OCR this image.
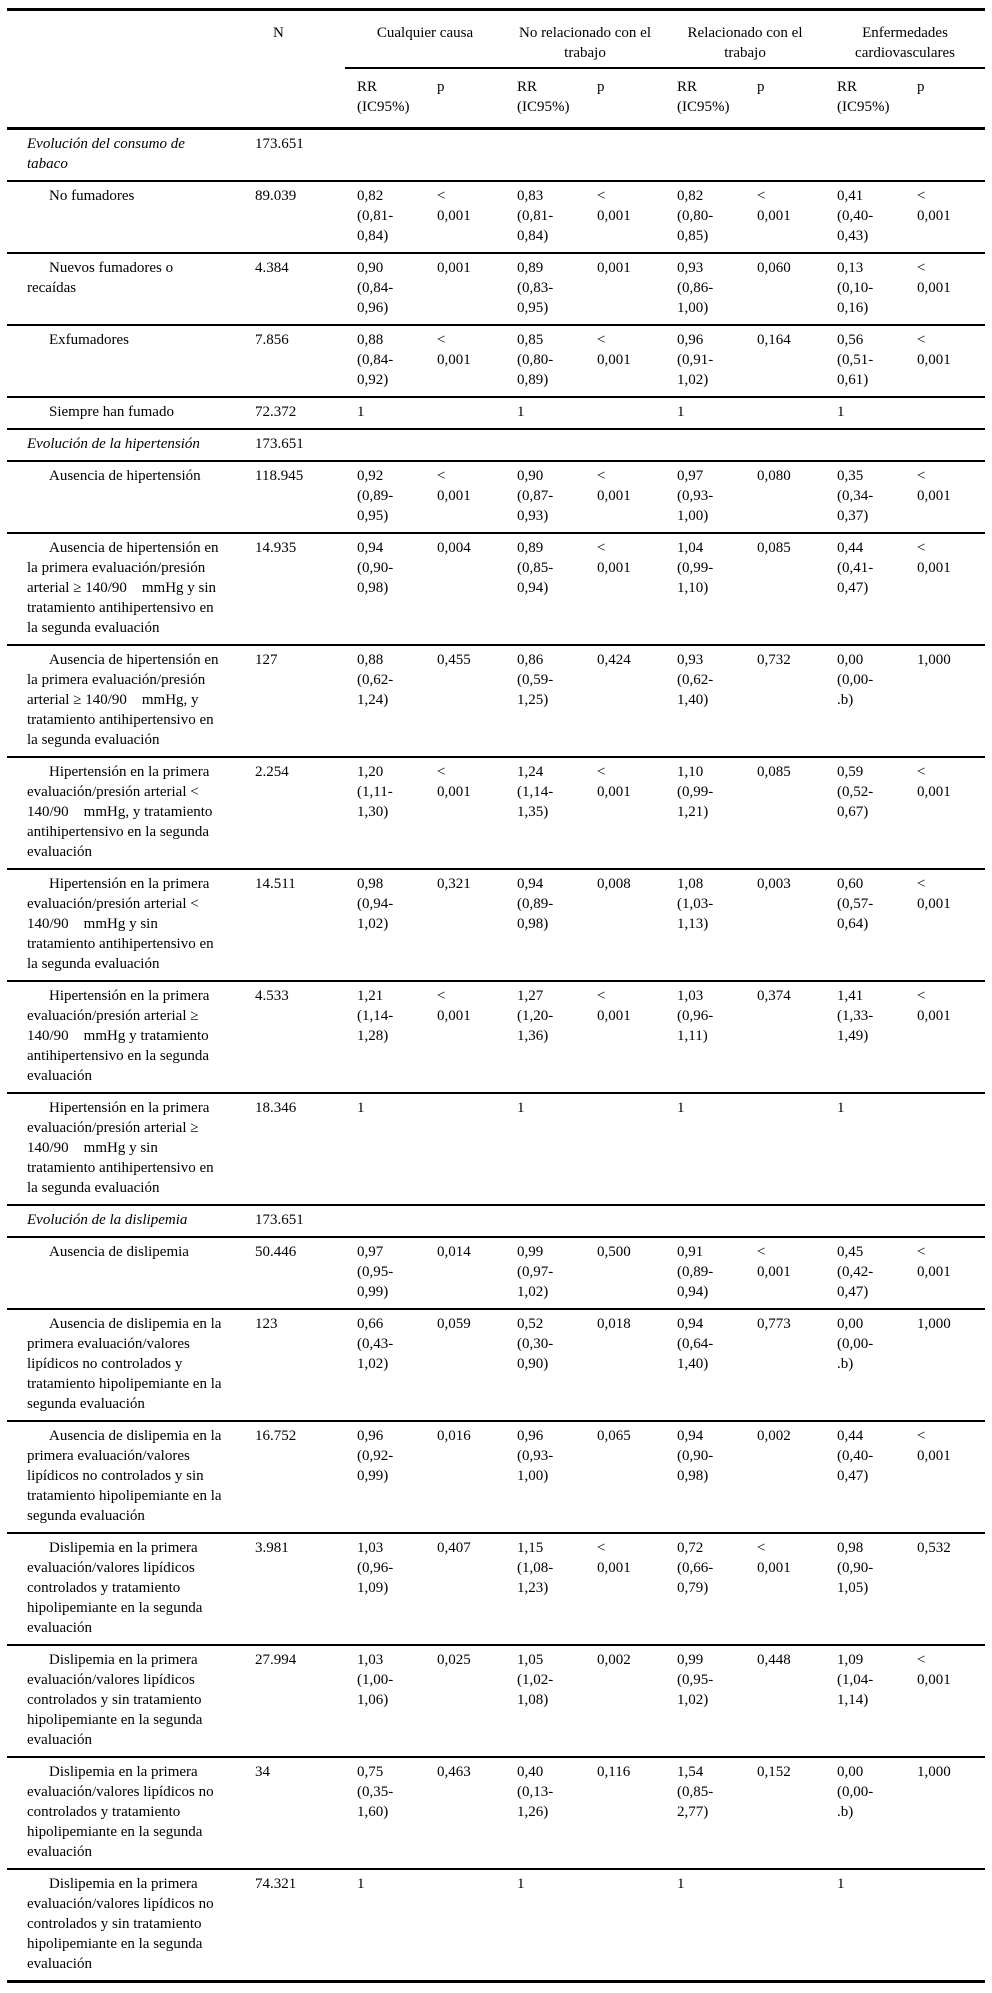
	N	Cualquier causa		No relacionado con el trabajo		Relacionado con el trabajo		Enfermedades cardiovasculares	
		RR (IC95%)	p	RR (IC95%)	p	RR (IC95%)	p	RR (IC95%)	p
Evolución del consumo de tabaco	173.651								
No fumadores	89.039	0,82 (0,81-​0,84)	< 0,001	0,83 (0,81-​0,84)	< 0,001	0,82 (0,80-​0,85)	< 0,001	0,41 (0,40-​0,43)	< 0,001
Nuevos fumadores o recaídas	4.384	0,90 (0,84-​0,96)	0,001	0,89 (0,83-​0,95)	0,001	0,93 (0,86-​1,00)	0,060	0,13 (0,10-​0,16)	< 0,001
Exfumadores	7.856	0,88 (0,84-​0,92)	< 0,001	0,85 (0,80-​0,89)	< 0,001	0,96 (0,91-​1,02)	0,164	0,56 (0,51-​0,61)	< 0,001
Siempre han fumado	72.372	1		1		1		1	
Evolución de la hipertensión	173.651								
Ausencia de hipertensión	118.945	0,92 (0,89-​0,95)	< 0,001	0,90 (0,87-​0,93)	< 0,001	0,97 (0,93-​1,00)	0,080	0,35 (0,34-​0,37)	< 0,001
Ausencia de hipertensión en la primera evaluación/presión arterial ≥ 140/90 mmHg y sin tratamiento antihipertensivo en la segunda evaluación	14.935	0,94 (0,90-​0,98)	0,004	0,89 (0,85-​0,94)	< 0,001	1,04 (0,99-​1,10)	0,085	0,44 (0,41-​0,47)	< 0,001
Ausencia de hipertensión en la primera evaluación/presión arterial ≥ 140/90 mmHg, y tratamiento antihipertensivo en la segunda evaluación	127	0,88 (0,62-​1,24)	0,455	0,86 (0,59-​1,25)	0,424	0,93 (0,62-​1,40)	0,732	0,00 (0,00-​.b)	1,000
Hipertensión en la primera evaluación/presión arterial < 140/90 mmHg, y tratamiento antihipertensivo en la segunda evaluación	2.254	1,20 (1,11-​1,30)	< 0,001	1,24 (1,14-​1,35)	< 0,001	1,10 (0,99-​1,21)	0,085	0,59 (0,52-​0,67)	< 0,001
Hipertensión en la primera evaluación/presión arterial < 140/90 mmHg y sin tratamiento antihipertensivo en la segunda evaluación	14.511	0,98 (0,94-​1,02)	0,321	0,94 (0,89-​0,98)	0,008	1,08 (1,03-​1,13)	0,003	0,60 (0,57-​0,64)	< 0,001
Hipertensión en la primera evaluación/presión arterial ≥ 140/90 mmHg y tratamiento antihipertensivo en la segunda evaluación	4.533	1,21 (1,14-​1,28)	< 0,001	1,27 (1,20-​1,36)	< 0,001	1,03 (0,96-​1,11)	0,374	1,41 (1,33-​1,49)	< 0,001
Hipertensión en la primera evaluación/presión arterial ≥ 140/90 mmHg y sin tratamiento antihipertensivo en la segunda evaluación	18.346	1		1		1		1	
Evolución de la dislipemia	173.651								
Ausencia de dislipemia	50.446	0,97 (0,95-​0,99)	0,014	0,99 (0,97-​1,02)	0,500	0,91 (0,89-​0,94)	< 0,001	0,45 (0,42-​0,47)	< 0,001
Ausencia de dislipemia en la primera evaluación/valores lipídicos no controlados y tratamiento hipolipemiante en la segunda evaluación	123	0,66 (0,43-​1,02)	0,059	0,52 (0,30-​0,90)	0,018	0,94 (0,64-​1,40)	0,773	0,00 (0,00-​.b)	1,000
Ausencia de dislipemia en la primera evaluación/valores lipídicos no controlados y sin tratamiento hipolipemiante en la segunda evaluación	16.752	0,96 (0,92-​0,99)	0,016	0,96 (0,93-​1,00)	0,065	0,94 (0,90-​0,98)	0,002	0,44 (0,40-​0,47)	< 0,001
Dislipemia en la primera evaluación/valores lipídicos controlados y tratamiento hipolipemiante en la segunda evaluación	3.981	1,03 (0,96-​1,09)	0,407	1,15 (1,08-​1,23)	< 0,001	0,72 (0,66-​0,79)	< 0,001	0,98 (0,90-​1,05)	0,532
Dislipemia en la primera evaluación/valores lipídicos controlados y sin tratamiento hipolipemiante en la segunda evaluación	27.994	1,03 (1,00-​1,06)	0,025	1,05 (1,02-​1,08)	0,002	0,99 (0,95-​1,02)	0,448	1,09 (1,04-​1,14)	< 0,001
Dislipemia en la primera evaluación/valores lipídicos no controlados y tratamiento hipolipemiante en la segunda evaluación	34	0,75 (0,35-​1,60)	0,463	0,40 (0,13-​1,26)	0,116	1,54 (0,85-​2,77)	0,152	0,00 (0,00-​.b)	1,000
Dislipemia en la primera evaluación/valores lipídicos no controlados y sin tratamiento hipolipemiante en la segunda evaluación	74.321	1		1		1		1	
